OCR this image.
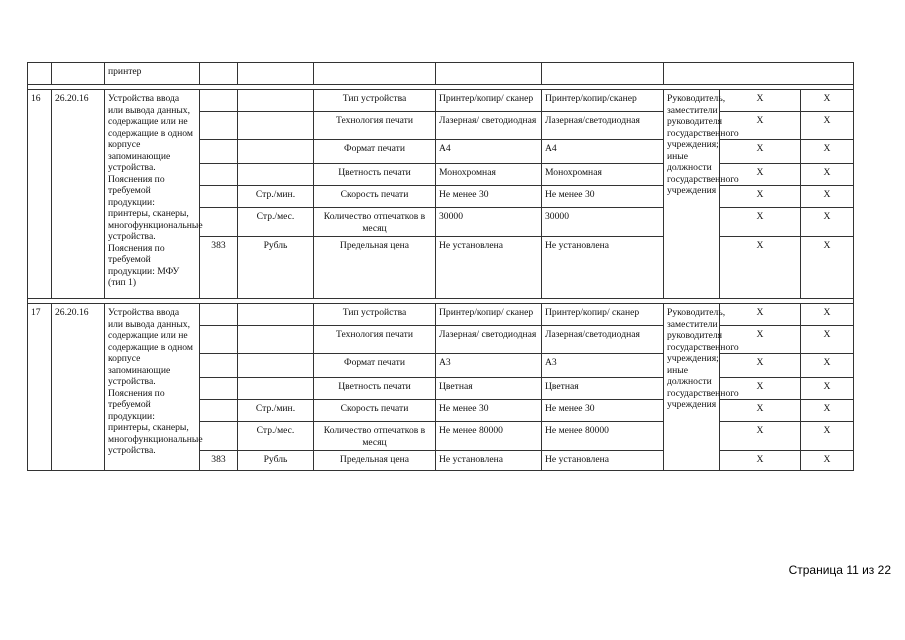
		принтер								

16	26.20.16	Устройства ввода или вывода данных, содержащие или не содержащие в одном корпусе запоминающие устройства. Пояснения по требуемой продукции: принтеры, сканеры, многофункциональные устройства. Пояснения по требуемой продукции: МФУ (тип 1)			Тип устройства	Принтер/копир/ сканер	Принтер/копир/сканер	Руководитель, заместители руководителя государственного учреждения; иные должности государственного учреждения	X	X
					Технология печати	Лазерная/ светодиодная	Лазерная/светодиодная		X	X
					Формат печати	А4	А4		X	X
					Цветность печати	Монохромная	Монохромная		X	X
				Стр./мин.	Скорость печати	Не менее 30	Не менее 30		X	X
				Стр./мес.	Количество отпечатков в месяц	30000	30000		X	X
			383	Рубль	Предельная цена	Не установлена	Не установлена		X	X

17	26.20.16	Устройства ввода или вывода данных, содержащие или не содержащие в одном корпусе запоминающие устройства. Пояснения по требуемой продукции: принтеры, сканеры, многофункциональные устройства.			Тип устройства	Принтер/копир/ сканер	Принтер/копир/ сканер	Руководитель, заместители руководителя государственного учреждения; иные должности государственного учреждения	X	X
					Технология печати	Лазерная/ светодиодная	Лазерная/светодиодная		X	X
					Формат печати	А3	А3		X	X
					Цветность печати	Цветная	Цветная		X	X
				Стр./мин.	Скорость печати	Не менее 30	Не менее 30		X	X
				Стр./мес.	Количество отпечатков в месяц	Не менее 80000	Не менее 80000		X	X
			383	Рубль	Предельная цена	Не установлена	Не установлена		X	X
Страница 11 из 22
